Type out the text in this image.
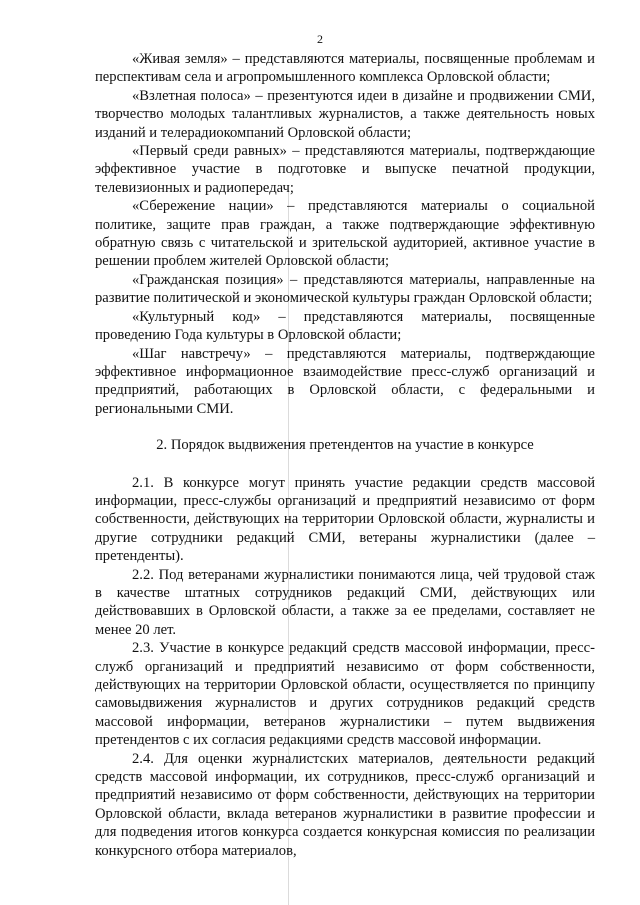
2

«Живая земля» – представляются материалы, посвященные проблемам и перспективам села и агропромышленного комплекса Орловской области;

«Взлетная полоса» – презентуются идеи в дизайне и продвижении СМИ, творчество молодых талантливых журналистов, а также деятельность новых изданий и телерадиокомпаний Орловской области;

«Первый среди равных» – представляются материалы, подтверждающие эффективное участие в подготовке и выпуске печатной продукции, телевизионных и радиопередач;

«Сбережение нации» – представляются материалы о социальной политике, защите прав граждан, а также подтверждающие эффективную обратную связь с читательской и зрительской аудиторией, активное участие в решении проблем жителей Орловской области;

«Гражданская позиция» – представляются материалы, направленные на развитие политической и экономической культуры граждан Орловской области;

«Культурный код» – представляются материалы, посвященные проведению Года культуры в Орловской области;

«Шаг навстречу» – представляются материалы, подтверждающие эффективное информационное взаимодействие пресс-служб организаций и предприятий, работающих в Орловской области, с федеральными и региональными СМИ.

2. Порядок выдвижения претендентов на участие в конкурсе

2.1. В конкурсе могут принять участие редакции средств массовой информации, пресс-службы организаций и предприятий независимо от форм собственности, действующих на территории Орловской области, журналисты и другие сотрудники редакций СМИ, ветераны журналистики (далее – претенденты).

2.2. Под ветеранами журналистики понимаются лица, чей трудовой стаж в качестве штатных сотрудников редакций СМИ, действующих или действовавших в Орловской области, а также за ее пределами, составляет не менее 20 лет.

2.3. Участие в конкурсе редакций средств массовой информации, пресс-служб организаций и предприятий независимо от форм собственности, действующих на территории Орловской области, осуществляется по принципу самовыдвижения журналистов и других сотрудников редакций средств массовой информации, ветеранов журналистики – путем выдвижения претендентов с их согласия редакциями средств массовой информации.

2.4. Для оценки журналистских материалов, деятельности редакций средств массовой информации, их сотрудников, пресс-служб организаций и предприятий независимо от форм собственности, действующих на территории Орловской области, вклада ветеранов журналистики в развитие профессии и для подведения итогов конкурса создается конкурсная комиссия по реализации конкурсного отбора материалов,
